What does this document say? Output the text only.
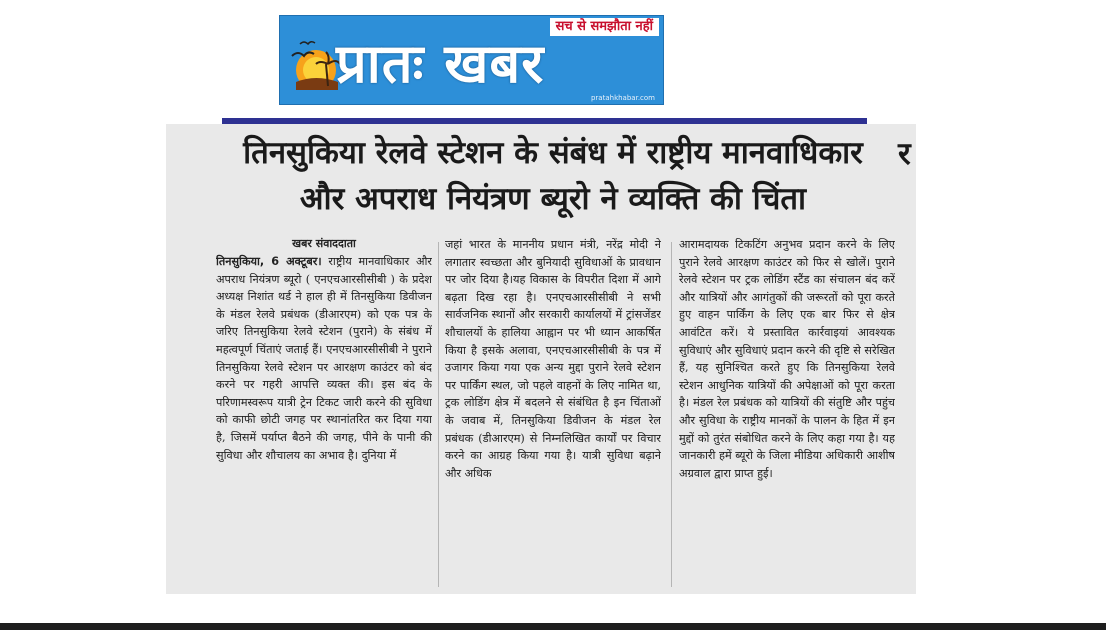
सच से समझौता नहीं
प्रातः खबर
pratahkhabar.com
तिनसुकिया रेलवे स्टेशन के संबंध में राष्ट्रीय मानवाधिकार
और अपराध नियंत्रण ब्यूरो ने व्यक्ति की चिंता
र
खबर संवाददाता
तिनसुकिया, 6 अक्टूबर। राष्ट्रीय मानवाधिकार और अपराध नियंत्रण ब्यूरो ( एनएचआरसीसीबी ) के प्रदेश अध्यक्ष निशांत थर्ड ने हाल ही में तिनसुकिया डिवीजन के मंडल रेलवे प्रबंधक (डीआरएम) को एक पत्र के जरिए तिनसुकिया रेलवे स्टेशन (पुराने) के संबंध में महत्वपूर्ण चिंताएं जताई हैं। एनएचआरसीसीबी ने पुराने तिनसुकिया रेलवे स्टेशन पर आरक्षण काउंटर को बंद करने पर गहरी आपत्ति व्यक्त की। इस बंद के परिणामस्वरूप यात्री ट्रेन टिकट जारी करने की सुविधा को काफी छोटी जगह पर स्थानांतरित कर दिया गया है, जिसमें पर्याप्त बैठने की जगह, पीने के पानी की सुविधा और शौचालय का अभाव है। दुनिया में
जहां भारत के माननीय प्रधान मंत्री, नरेंद्र मोदी ने लगातार स्वच्छता और बुनियादी सुविधाओं के प्रावधान पर जोर दिया है।यह विकास के विपरीत दिशा में आगे बढ़ता दिख रहा है। एनएचआरसीसीबी ने सभी सार्वजनिक स्थानों और सरकारी कार्यालयों में ट्रांसजेंडर शौचालयों के हालिया आह्वान पर भी ध्यान आकर्षित किया है इसके अलावा, एनएचआरसीसीबी के पत्र में उजागर किया गया एक अन्य मुद्दा पुराने रेलवे स्टेशन पर पार्किंग स्थल, जो पहले वाहनों के लिए नामित था, ट्रक लोडिंग क्षेत्र में बदलने से संबंधित है इन चिंताओं के जवाब में, तिनसुकिया डिवीजन के मंडल रेल प्रबंधक (डीआरएम) से निम्नलिखित कार्यों पर विचार करने का आग्रह किया गया है। यात्री सुविधा बढ़ाने और अधिक
आरामदायक टिकटिंग अनुभव प्रदान करने के लिए पुराने रेलवे आरक्षण काउंटर को फिर से खोलें। पुराने रेलवे स्टेशन पर ट्रक लोडिंग स्टैंड का संचालन बंद करें और यात्रियों और आगंतुकों की जरूरतों को पूरा करते हुए वाहन पार्किंग के लिए एक बार फिर से क्षेत्र आवंटित करें। ये प्रस्तावित कार्रवाइयां आवश्यक सुविधाएं और सुविधाएं प्रदान करने की दृष्टि से सरेखित हैं, यह सुनिश्चित करते हुए कि तिनसुकिया रेलवे स्टेशन आधुनिक यात्रियों की अपेक्षाओं को पूरा करता है। मंडल रेल प्रबंधक को यात्रियों की संतुष्टि और पहुंच और सुविधा के राष्ट्रीय मानकों के पालन के हित में इन मुद्दों को तुरंत संबोधित करने के लिए कहा गया है। यह जानकारी हमें ब्यूरो के जिला मीडिया अधिकारी आशीष अग्रवाल द्वारा प्राप्त हुई।
